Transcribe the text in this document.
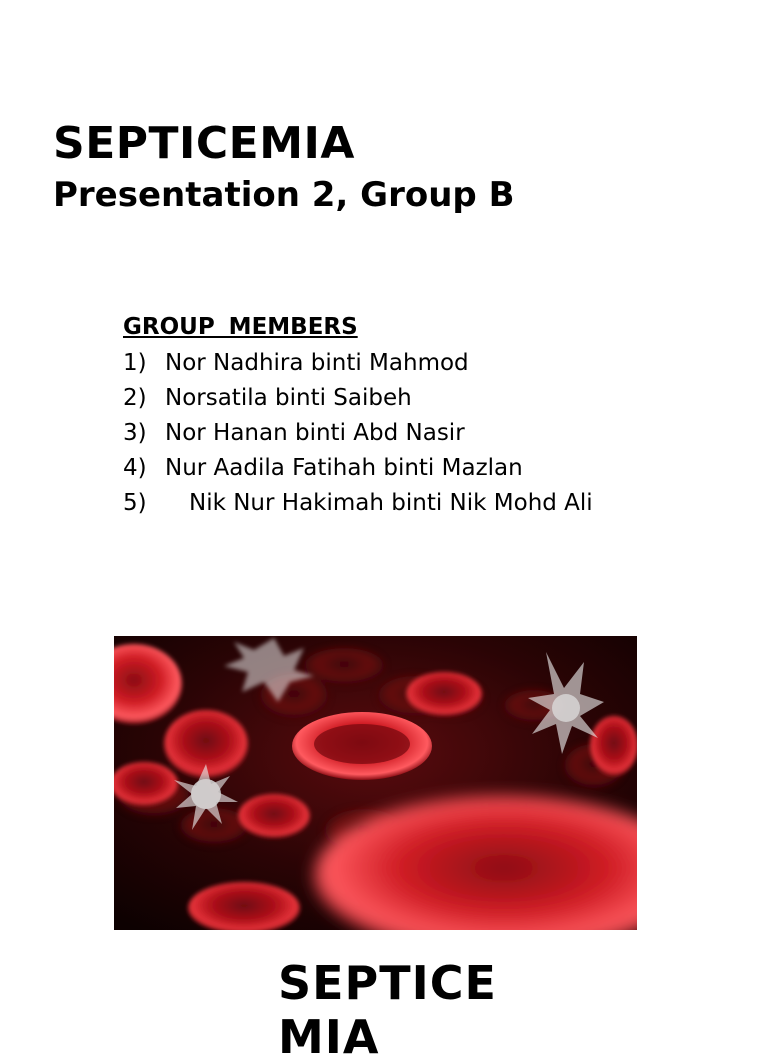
SEPTICEMIA
Presentation 2, Group B
GROUP MEMBERS
1) Nor Nadhira binti Mahmod
2) Norsatila binti Saibeh
3) Nor Hanan binti Abd Nasir
4) Nur Aadila Fatihah binti Mazlan
5) Nik Nur Hakimah binti Nik Mohd Ali
SEPTICEMIA
